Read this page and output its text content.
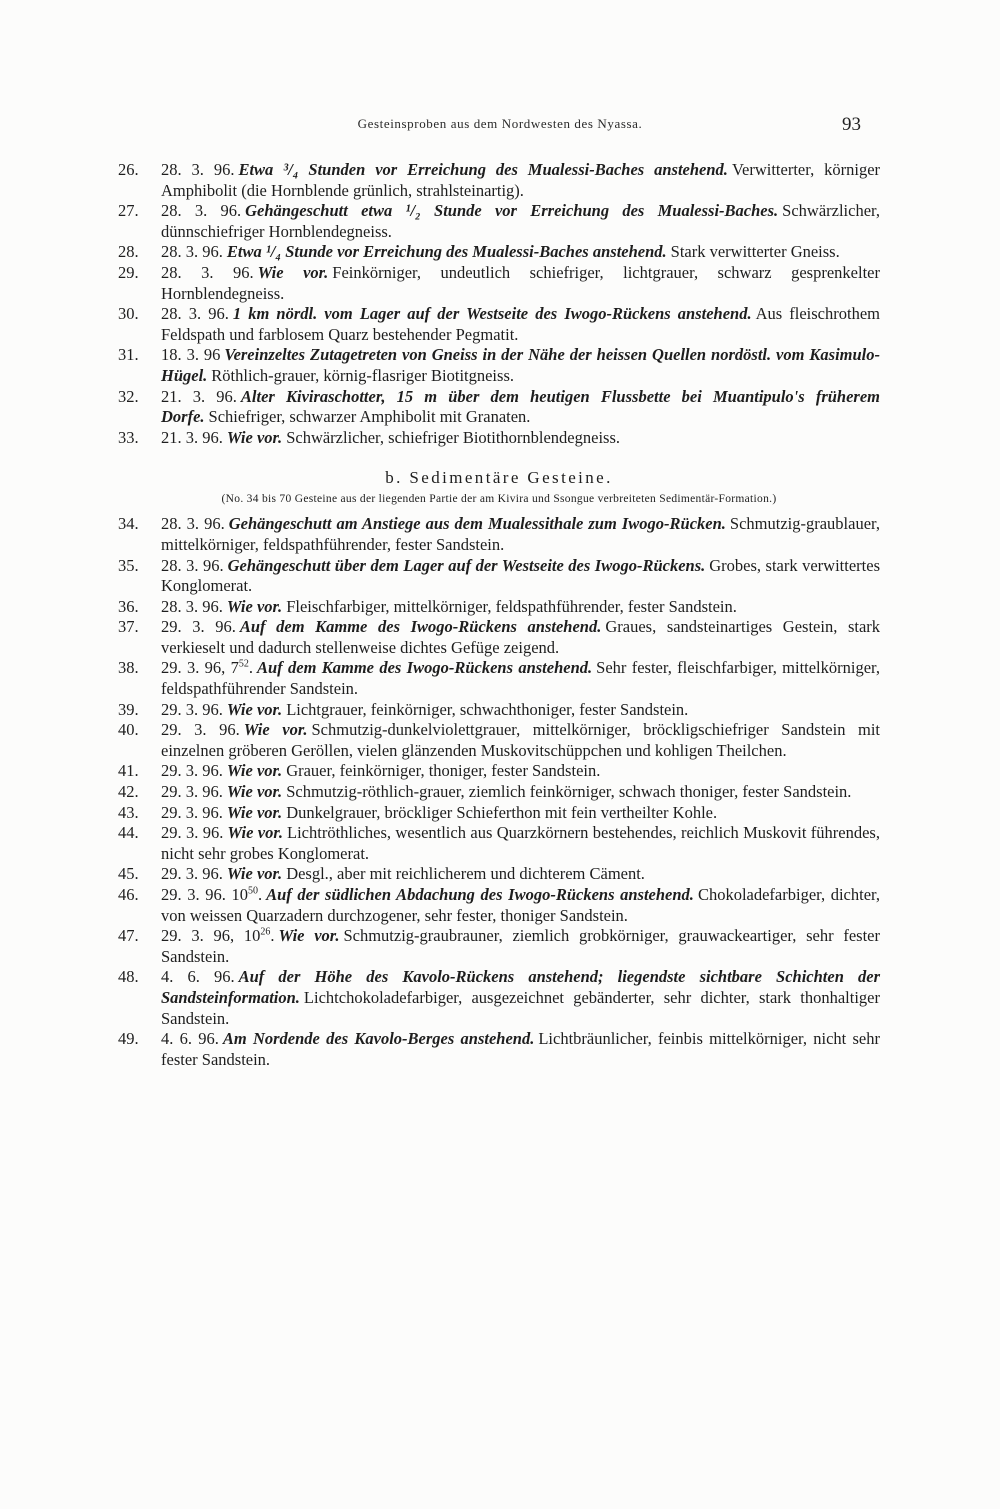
Gesteinsproben aus dem Nordwesten des Nyassa.	93
26. 28. 3. 96. Etwa ³/₄ Stunden vor Erreichung des Mualessi-Baches anstehend. Verwitterter, körniger Amphibolit (die Hornblende grünlich, strahlsteinartig).
27. 28. 3. 96. Gehängeschutt etwa ¹/₂ Stunde vor Erreichung des Mualessi-Baches. Schwärzlicher, dünnschiefriger Hornblendegneiss.
28. 28. 3. 96. Etwa ¹/₄ Stunde vor Erreichung des Mualessi-Baches anstehend. Stark verwitterter Gneiss.
29. 28. 3. 96. Wie vor. Feinkörniger, undeutlich schiefriger, lichtgrauer, schwarz gesprenkelter Hornblendegneiss.
30. 28. 3. 96. 1 km nördl. vom Lager auf der Westseite des Iwogo-Rückens anstehend. Aus fleischrothem Feldspath und farblosem Quarz bestehender Pegmatit.
31. 18. 3. 96 Vereinzeltes Zutagetreten von Gneiss in der Nähe der heissen Quellen nordöstl. vom Kasimulo-Hügel. Röthlich-grauer, körnig-flasriger Biotitgneiss.
32. 21. 3. 96. Alter Kiviraschotter, 15 m über dem heutigen Flussbette bei Muantipulo's früherem Dorfe. Schiefriger, schwarzer Amphibolit mit Granaten.
33. 21. 3. 96. Wie vor. Schwärzlicher, schiefriger Biotithornblendegneiss.
b. Sedimentäre Gesteine.
(No. 34 bis 70 Gesteine aus der liegenden Partie der am Kivira und Ssongue verbreiteten Sedimentär-Formation.)
34. 28. 3. 96. Gehängeschutt am Anstiege aus dem Mualessithale zum Iwogo-Rücken. Schmutzig-graublauer, mittelkörniger, feldspathführender, fester Sandstein.
35. 28. 3. 96. Gehängeschutt über dem Lager auf der Westseite des Iwogo-Rückens. Grobes, stark verwittertes Konglomerat.
36. 28. 3. 96. Wie vor. Fleischfarbiger, mittelkörniger, feldspathführender, fester Sandstein.
37. 29. 3. 96. Auf dem Kamme des Iwogo-Rückens anstehend. Graues, sandsteinartiges Gestein, stark verkieselt und dadurch stellenweise dichtes Gefüge zeigend.
38. 29. 3. 96, $7^{52}$. Auf dem Kamme des Iwogo-Rückens anstehend. Sehr fester, fleischfarbiger, mittelkörniger, feldspathführender Sandstein.
39. 29. 3. 96. Wie vor. Lichtgrauer, feinkörniger, schwachthoniger, fester Sandstein.
40. 29. 3. 96. Wie vor. Schmutzig-dunkelviolettgrauer, mittelkörniger, bröckligschiefriger Sandstein mit einzelnen gröberen Geröllen, vielen glänzenden Muskovitschüppchen und kohligen Theilchen.
41. 29. 3. 96. Wie vor. Grauer, feinkörniger, thoniger, fester Sandstein.
42. 29. 3. 96. Wie vor. Schmutzig-röthlich-grauer, ziemlich feinkörniger, schwach thoniger, fester Sandstein.
43. 29. 3. 96. Wie vor. Dunkelgrauer, bröckliger Schieferthon mit fein vertheilter Kohle.
44. 29. 3. 96. Wie vor. Lichtröthliches, wesentlich aus Quarzkörnern bestehendes, reichlich Muskovit führendes, nicht sehr grobes Konglomerat.
45. 29. 3. 96. Wie vor. Desgl., aber mit reichlicherem und dichterem Cäment.
46. 29. 3. 96. $10^{50}$. Auf der südlichen Abdachung des Iwogo-Rückens anstehend. Chokoladefarbiger, dichter, von weissen Quarzadern durchzogener, sehr fester, thoniger Sandstein.
47. 29. 3. 96, $10^{26}$. Wie vor. Schmutzig-graubrauner, ziemlich grobkörniger, grauwackeartiger, sehr fester Sandstein.
48. 4. 6. 96. Auf der Höhe des Kavolo-Rückens anstehend; liegendste sichtbare Schichten der Sandsteinformation. Lichtchokoladefarbiger, ausgezeichnet gebänderter, sehr dichter, stark thonhaltiger Sandstein.
49. 4. 6. 96. Am Nordende des Kavolo-Berges anstehend. Lichtbräunlicher, feinbis mittelkörniger, nicht sehr fester Sandstein.
